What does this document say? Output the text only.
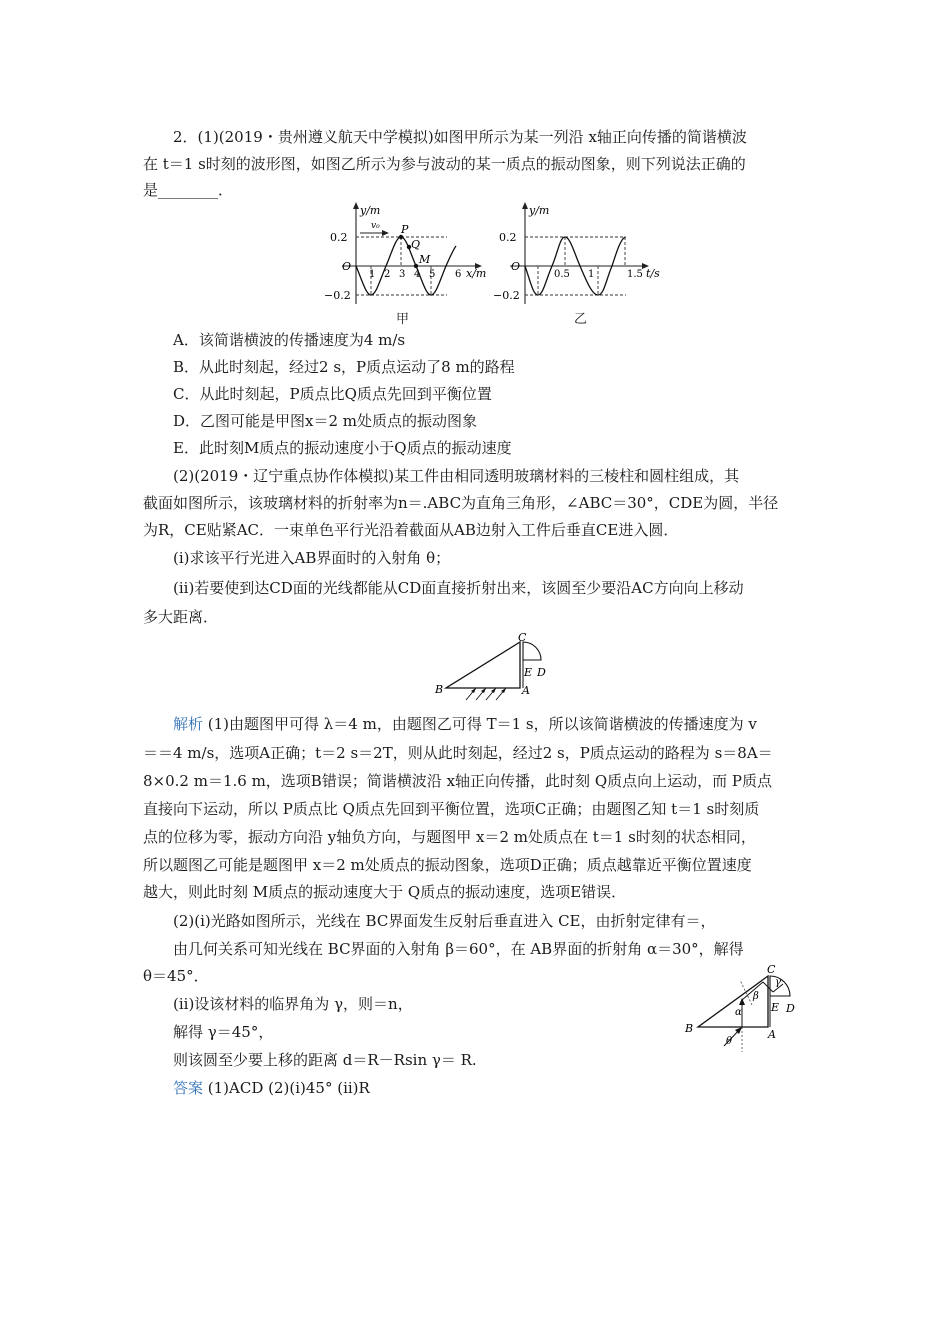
2．(1)(2019・贵州遵义航天中学模拟)如图甲所示为某一列沿 x轴正向传播的简谐横波
在 t＝1 s时刻的波形图，如图乙所示为参与波动的某一质点的振动图象，则下列说法正确的
是________．
y/m
v₀
0.2
−0.2
O
1 2 3 4 5 6 x/m
P
Q
M
甲
y/m
0.2
−0.2
O
0.5 1	1.5 t/s
乙
A．该简谐横波的传播速度为4 m/s
B．从此时刻起，经过2 s，P质点运动了8 m的路程
C．从此时刻起，P质点比Q质点先回到平衡位置
D．乙图可能是甲图x＝2 m处质点的振动图象
E．此时刻M质点的振动速度小于Q质点的振动速度
(2)(2019・辽宁重点协作体模拟)某工件由相同透明玻璃材料的三棱柱和圆柱组成，其
截面如图所示，该玻璃材料的折射率为n＝.ABC为直角三角形，∠ABC＝30°，CDE为圆，半径
为R，CE贴紧AC．一束单色平行光沿着截面从AB边射入工件后垂直CE进入圆．
(i)求该平行光进入AB界面时的入射角 θ；
(ii)若要使到达CD面的光线都能从CD面直接折射出来，该圆至少要沿AC方向向上移动
多大距离．
C
E D
B	A
解析 (1)由题图甲可得 λ＝4 m，由题图乙可得 T＝1 s，所以该简谐横波的传播速度为 v
＝＝4 m/s，选项A正确；t＝2 s＝2T，则从此时刻起，经过2 s，P质点运动的路程为 s＝8A＝
8×0.2 m＝1.6 m，选项B错误；简谐横波沿 x轴正向传播，此时刻 Q质点向上运动，而 P质点
直接向下运动，所以 P质点比 Q质点先回到平衡位置，选项C正确；由题图乙知 t＝1 s时刻质
点的位移为零，振动方向沿 y轴负方向，与题图甲 x＝2 m处质点在 t＝1 s时刻的状态相同，
所以题图乙可能是题图甲 x＝2 m处质点的振动图象，选项D正确；质点越靠近平衡位置速度
越大，则此时刻 M质点的振动速度大于 Q质点的振动速度，选项E错误．
(2)(i)光路如图所示，光线在 BC界面发生反射后垂直进入 CE，由折射定律有＝，
由几何关系可知光线在 BC界面的入射角 β＝60°，在 AB界面的折射角 α＝30°，解得
θ＝45°．
(ii)设该材料的临界角为 γ，则＝n，
解得 γ＝45°，
则该圆至少要上移的距离 d＝R－Rsin γ＝ R.
答案 (1)ACD (2)(i)45° (ii)R
C
α
β
γ
E D
B	A
θ
